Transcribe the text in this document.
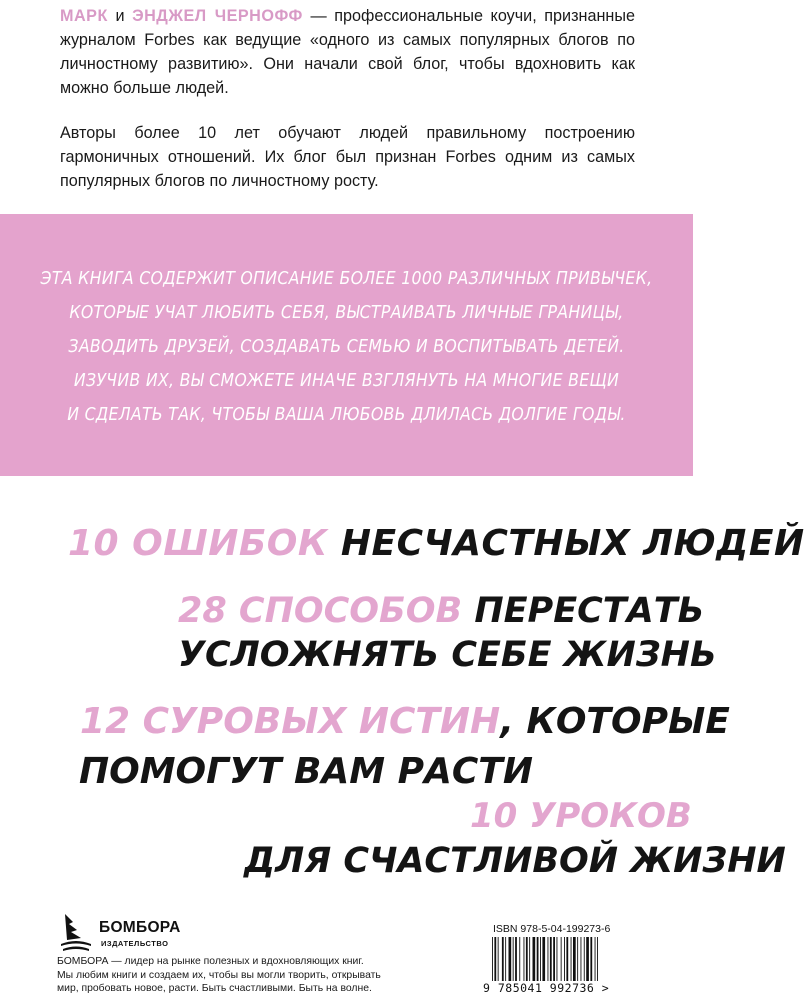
МАРК и ЭНДЖЕЛ ЧЕРНОФФ — профессиональные коучи, признанные журналом Forbes как ведущие «одного из самых популярных блогов по личностному развитию». Они начали свой блог, чтобы вдохновить как можно больше людей.

Авторы более 10 лет обучают людей правильному построению гармоничных отношений. Их блог был признан Forbes одним из самых популярных блогов по личностному росту.

ЭТА КНИГА СОДЕРЖИТ ОПИСАНИЕ БОЛЕЕ 1000 РАЗЛИЧНЫХ ПРИВЫЧЕК,
КОТОРЫЕ УЧАТ ЛЮБИТЬ СЕБЯ, ВЫСТРАИВАТЬ ЛИЧНЫЕ ГРАНИЦЫ,
ЗАВОДИТЬ ДРУЗЕЙ, СОЗДАВАТЬ СЕМЬЮ И ВОСПИТЫВАТЬ ДЕТЕЙ.
ИЗУЧИВ ИХ, ВЫ СМОЖЕТЕ ИНАЧЕ ВЗГЛЯНУТЬ НА МНОГИЕ ВЕЩИ
И СДЕЛАТЬ ТАК, ЧТОБЫ ВАША ЛЮБОВЬ ДЛИЛАСЬ ДОЛГИЕ ГОДЫ.
10 ОШИБОК НЕСЧАСТНЫХ ЛЮДЕЙ
28 СПОСОБОВ ПЕРЕСТАТЬ
УСЛОЖНЯТЬ СЕБЕ ЖИЗНЬ
12 СУРОВЫХ ИСТИН, КОТОРЫЕ
ПОМОГУТ ВАМ РАСТИ
10 УРОКОВ
ДЛЯ СЧАСТЛИВОЙ ЖИЗНИ
БОМБОРА
ИЗДАТЕЛЬСТВО
БОМБОРА — лидер на рынке полезных и вдохновляющих книг.
Мы любим книги и создаем их, чтобы вы могли творить, открывать
мир, пробовать новое, расти. Быть счастливыми. Быть на волне.
ISBN 978-5-04-199273-6
9 785041 992736 >
